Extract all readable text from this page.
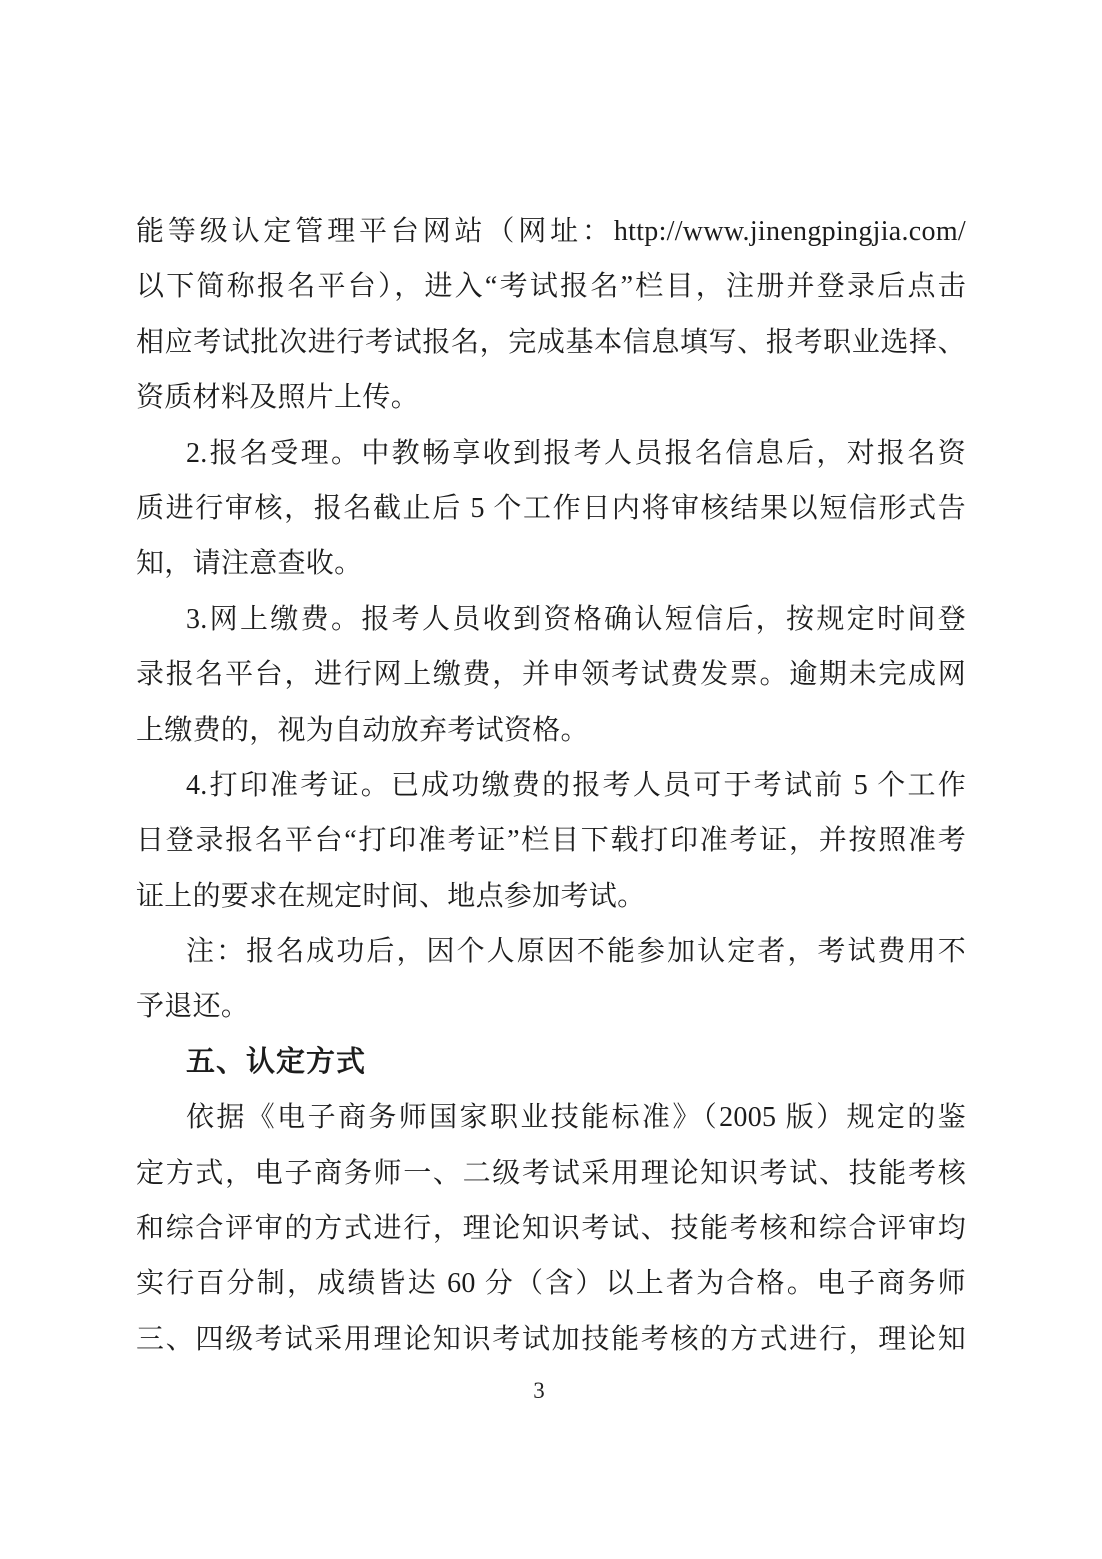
能等级认定管理平台网站（网址：http://www.jinengpingjia.com/
以下简称报名平台），进入“考试报名”栏目，注册并登录后点击
相应考试批次进行考试报名，完成基本信息填写、报考职业选择、
资质材料及照片上传。
2.报名受理。中教畅享收到报考人员报名信息后，对报名资
质进行审核，报名截止后 5 个工作日内将审核结果以短信形式告
知，请注意查收。
3.网上缴费。报考人员收到资格确认短信后，按规定时间登
录报名平台，进行网上缴费，并申领考试费发票。逾期未完成网
上缴费的，视为自动放弃考试资格。
4.打印准考证。已成功缴费的报考人员可于考试前 5 个工作
日登录报名平台“打印准考证”栏目下载打印准考证，并按照准考
证上的要求在规定时间、地点参加考试。
注：报名成功后，因个人原因不能参加认定者，考试费用不
予退还。
五、认定方式
依据《电子商务师国家职业技能标准》（2005 版）规定的鉴
定方式，电子商务师一、二级考试采用理论知识考试、技能考核
和综合评审的方式进行，理论知识考试、技能考核和综合评审均
实行百分制，成绩皆达 60 分（含）以上者为合格。电子商务师
三、四级考试采用理论知识考试加技能考核的方式进行，理论知
3
